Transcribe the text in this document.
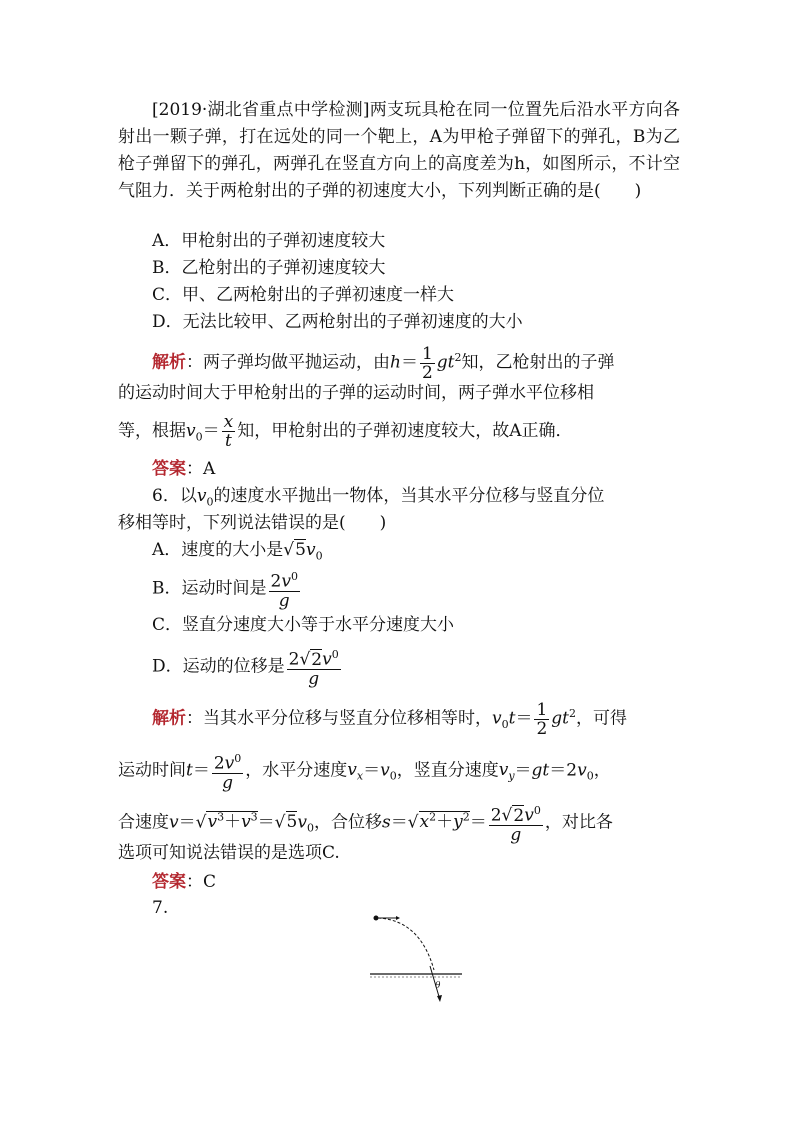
[2019·湖北省重点中学检测]两支玩具枪在同一位置先后沿水平方向各射出一颗子弹，打在远处的同一个靶上，A为甲枪子弹留下的弹孔，B为乙枪子弹留下的弹孔，两弹孔在竖直方向上的高度差为h，如图所示，不计空气阻力．关于两枪射出的子弹的初速度大小，下列判断正确的是(　　)
A．甲枪射出的子弹初速度较大
B．乙枪射出的子弹初速度较大
C．甲、乙两枪射出的子弹初速度一样大
D．无法比较甲、乙两枪射出的子弹初速度的大小
解析：两子弹均做平抛运动，由$h= \frac{1}{2} gt^2$知，乙枪射出的子弹
的运动时间大于甲枪射出的子弹的运动时间，两子弹水平位移相
等，根据$v_0= \frac{x}{t}$ 知，甲枪射出的子弹初速度较大，故A正确．
答案：A
6．以$v_0$的速度水平抛出一物体，当其水平分位移与竖直分位
移相等时，下列说法错误的是(　　)
A．速度的大小是$√5v_0$
B．运动时间是 $\frac{2v^0}{g}$
C．竖直分速度大小等于水平分速度大小
D．运动的位移是 $\frac{2√2v^0}{g}$
解析：当其水平分位移与竖直分位移相等时，$v_0t= \frac{1}{2} gt^2$，可得
运动时间$t= \frac{2v^0}{g}$ ，水平分速度$v_x=v_0$，竖直分速度$v_y=gt=2v_0$，
合速度$v=√v^3+v^3=√5v_0$，合位移$s=√x^2+y^2= \frac{2√2v^0}{g}$ ，对比各
选项可知说法错误的是选项C.
答案：C
7.
θ
